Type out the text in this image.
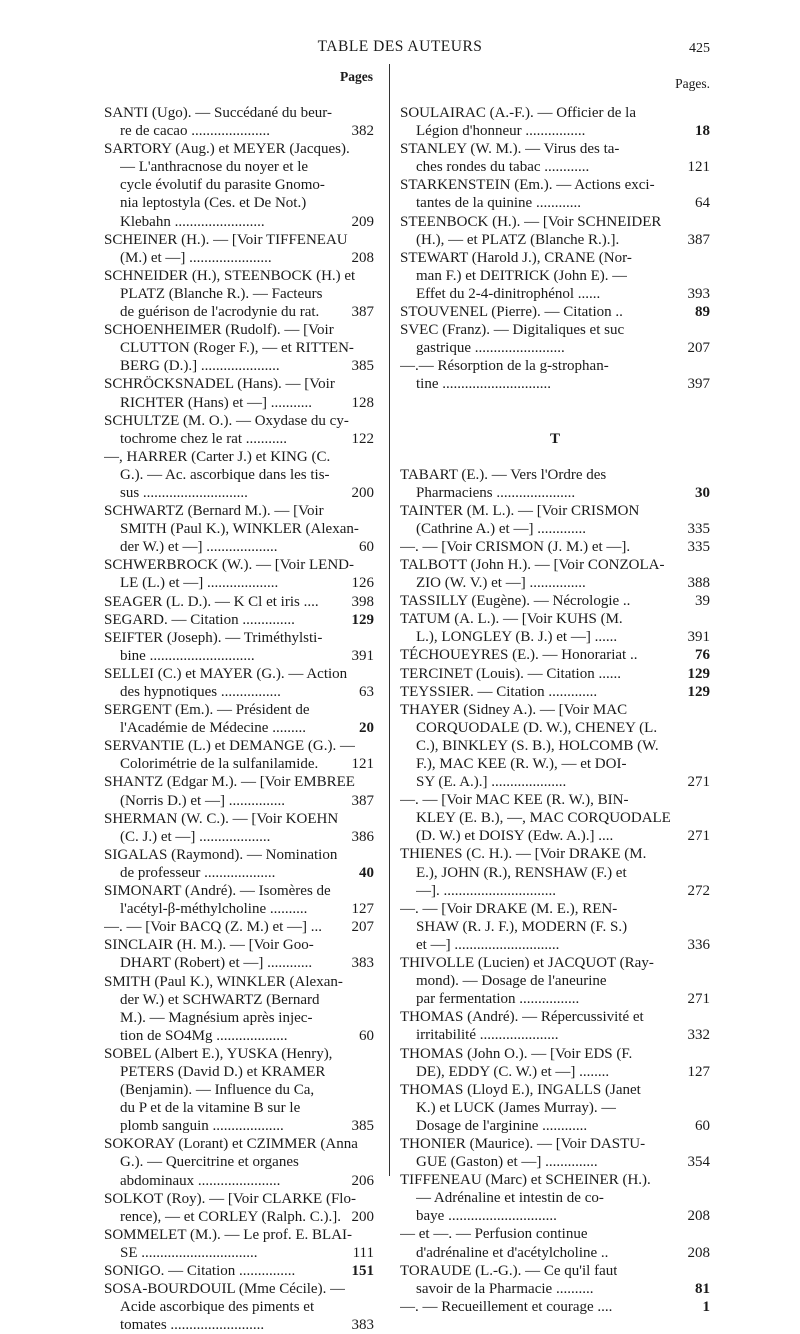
TABLE DES AUTEURS	425
Pages	Pages.
SANTI (Ugo). — Succédané du beur-
re de cacao .....................	382
SARTORY (Aug.) et MEYER (Jacques).
— L'anthracnose du noyer et le
cycle évolutif du parasite Gnomo-
nia leptostyla (Ces. et De Not.)
Klebahn ........................	209
SCHEINER (H.). — [Voir TIFFENEAU
(M.) et —] ......................	208
SCHNEIDER (H.), STEENBOCK (H.) et
PLATZ (Blanche R.). — Facteurs
de guérison de l'acrodynie du rat. 387
SCHOENHEIMER (Rudolf). — [Voir
CLUTTON (Roger F.), — et RITTEN-
BERG (D.).] .....................	385
SCHRÖCKSNADEL (Hans). — [Voir
RICHTER (Hans) et —] ...........	128
SCHULTZE (M. O.). — Oxydase du cy-
tochrome chez le rat ...........	122
—, HARRER (Carter J.) et KING (C.
G.). — Ac. ascorbique dans les tis-
sus ............................	200
SCHWARTZ (Bernard M.). — [Voir
SMITH (Paul K.), WINKLER (Alexan-
der W.) et —] ...................	60
SCHWERBROCK (W.). — [Voir LEND-
LE (L.) et —] ...................	126
SEAGER (L. D.). — K Cl et iris .... 398
SEGARD. — Citation ..............	129
SEIFTER (Joseph). — Triméthylsti-
bine ............................	391
SELLEI (C.) et MAYER (G.). — Action
des hypnotiques ................	63
SERGENT (Em.). — Président de
l'Académie de Médecine .........	20
SERVANTIE (L.) et DEMANGE (G.). —
Colorimétrie de la sulfanilamide. 121
SHANTZ (Edgar M.). — [Voir EMBREE
(Norris D.) et —] ...............	387
SHERMAN (W. C.). — [Voir KOEHN
(C. J.) et —] ...................	386
SIGALAS (Raymond). — Nomination
de professeur ...................	40
SIMONART (André). — Isomères de
l'acétyl-β-méthylcholine ..........	127
—. — [Voir BACQ (Z. M.) et —] ... 207
SINCLAIR (H. M.). — [Voir Goo-
DHART (Robert) et —] ............	383
SMITH (Paul K.), WINKLER (Alexan-
der W.) et SCHWARTZ (Bernard
M.). — Magnésium après injec-
tion de SO4Mg ...................	60
SOBEL (Albert E.), YUSKA (Henry),
PETERS (David D.) et KRAMER
(Benjamin). — Influence du Ca,
du P et de la vitamine B sur le
plomb sanguin ...................	385
SOKORAY (Lorant) et CZIMMER (Anna
G.). — Quercitrine et organes
abdominaux ......................	206
SOLKOT (Roy). — [Voir CLARKE (Flo-
rence), — et CORLEY (Ralph. C.).]. 200
SOMMELET (M.). — Le prof. E. BLAI-
SE ...............................	111
SONIGO. — Citation ...............	151
SOSA-BOURDOUIL (Mme Cécile). —
Acide ascorbique des piments et
tomates .........................	383
SOULAIRAC (A.-F.). — Officier de la
Légion d'honneur ................	18
STANLEY (W. M.). — Virus des ta-
ches rondes du tabac ............	121
STARKENSTEIN (Em.). — Actions exci-
tantes de la quinine ............	64
STEENBOCK (H.). — [Voir SCHNEIDER
(H.), — et PLATZ (Blanche R.).].	387
STEWART (Harold J.), CRANE (Nor-
man F.) et DEITRICK (John E). —
Effet du 2-4-dinitrophénol ......	393
STOUVENEL (Pierre). — Citation ..	89
SVEC (Franz). — Digitaliques et suc
gastrique ........................	207
—.— Résorption de la g-strophan-
tine .............................	397
T
TABART (E.). — Vers l'Ordre des
Pharmaciens .....................	30
TAINTER (M. L.). — [Voir CRISMON
(Cathrine A.) et —] .............	335
—. — [Voir CRISMON (J. M.) et —].	335
TALBOTT (John H.). — [Voir CONZOLA-
ZIO (W. V.) et —] ...............	388
TASSILLY (Eugène). — Nécrologie ..	39
TATUM (A. L.). — [Voir KUHS (M.
L.), LONGLEY (B. J.) et —] ......	391
TÉCHOUEYRES (E.). — Honorariat ..	76
TERCINET (Louis). — Citation ......	129
TEYSSIER. — Citation .............	129
THAYER (Sidney A.). — [Voir MAC
CORQUODALE (D. W.), CHENEY (L.
C.), BINKLEY (S. B.), HOLCOMB (W.
F.), MAC KEE (R. W.), — et DOI-
SY (E. A.).] ....................	271
—. — [Voir MAC KEE (R. W.), BIN-
KLEY (E. B.), —, MAC CORQUODALE
(D. W.) et DOISY (Edw. A.).] ....	271
THIENES (C. H.). — [Voir DRAKE (M.
E.), JOHN (R.), RENSHAW (F.) et
—]. ..............................	272
—. — [Voir DRAKE (M. E.), REN-
SHAW (R. J. F.), MODERN (F. S.)
et —] ............................	336
THIVOLLE (Lucien) et JACQUOT (Ray-
mond). — Dosage de l'aneurine
par fermentation ................	271
THOMAS (André). — Répercussivité et
irritabilité .....................	332
THOMAS (John O.). — [Voir EDS (F.
DE), EDDY (C. W.) et —] ........	127
THOMAS (Lloyd E.), INGALLS (Janet
K.) et LUCK (James Murray). —
Dosage de l'arginine ............	60
THONIER (Maurice). — [Voir DASTU-
GUE (Gaston) et —] ..............	354
TIFFENEAU (Marc) et SCHEINER (H.).
— Adrénaline et intestin de co-
baye .............................	208
— et —. — Perfusion continue
d'adrénaline et d'acétylcholine ..	208
TORAUDE (L.-G.). — Ce qu'il faut
savoir de la Pharmacie ..........	81
—. — Recueillement et courage ....	1
